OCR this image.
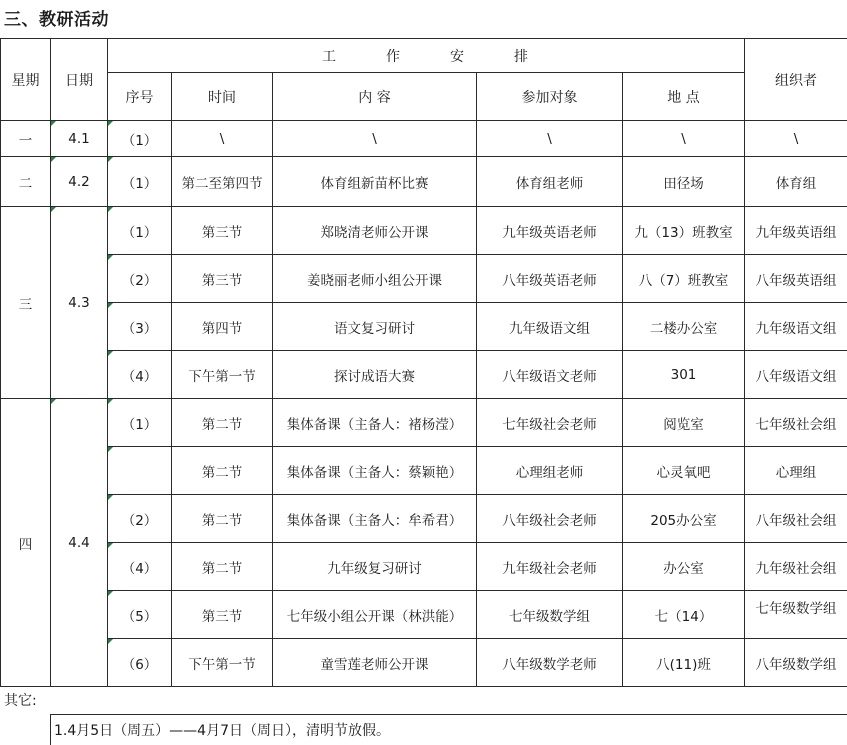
三、教研活动
星期	日期	工　作　安　排					组织者
		序号	时间	内 容	参加对象	地 点	
一	4.1	（1）	\	\	\	\	\
二	4.2	（1）	第二至第四节	体育组新苗杯比赛	体育组老师	田径场	体育组
三	4.3	（1）	第三节	郑晓清老师公开课	九年级英语老师	九（13）班教室	九年级英语组
		（2）	第三节	姜晓丽老师小组公开课	八年级英语老师	八（7）班教室	八年级英语组
		（3）	第四节	语文复习研讨	九年级语文组	二楼办公室	九年级语文组
		（4）	下午第一节	探讨成语大赛	八年级语文老师	301	八年级语文组
四	4.4	（1）	第二节	集体备课（主备人：褚杨滢）	七年级社会老师	阅览室	七年级社会组
			第二节	集体备课（主备人：蔡颖艳）	心理组老师	心灵氧吧	心理组
		（2）	第二节	集体备课（主备人：牟希君）	八年级社会老师	205办公室	八年级社会组
		（4）	第二节	九年级复习研讨	九年级社会老师	办公室	九年级社会组
		（5）	第三节	七年级小组公开课（林洪能）	七年级数学组	七（14）	七年级数学组
		（6）	下午第一节	童雪莲老师公开课	八年级数学老师	八(11)班	八年级数学组
其它:
1.4月5日（周五）——4月7日（周日），清明节放假。
